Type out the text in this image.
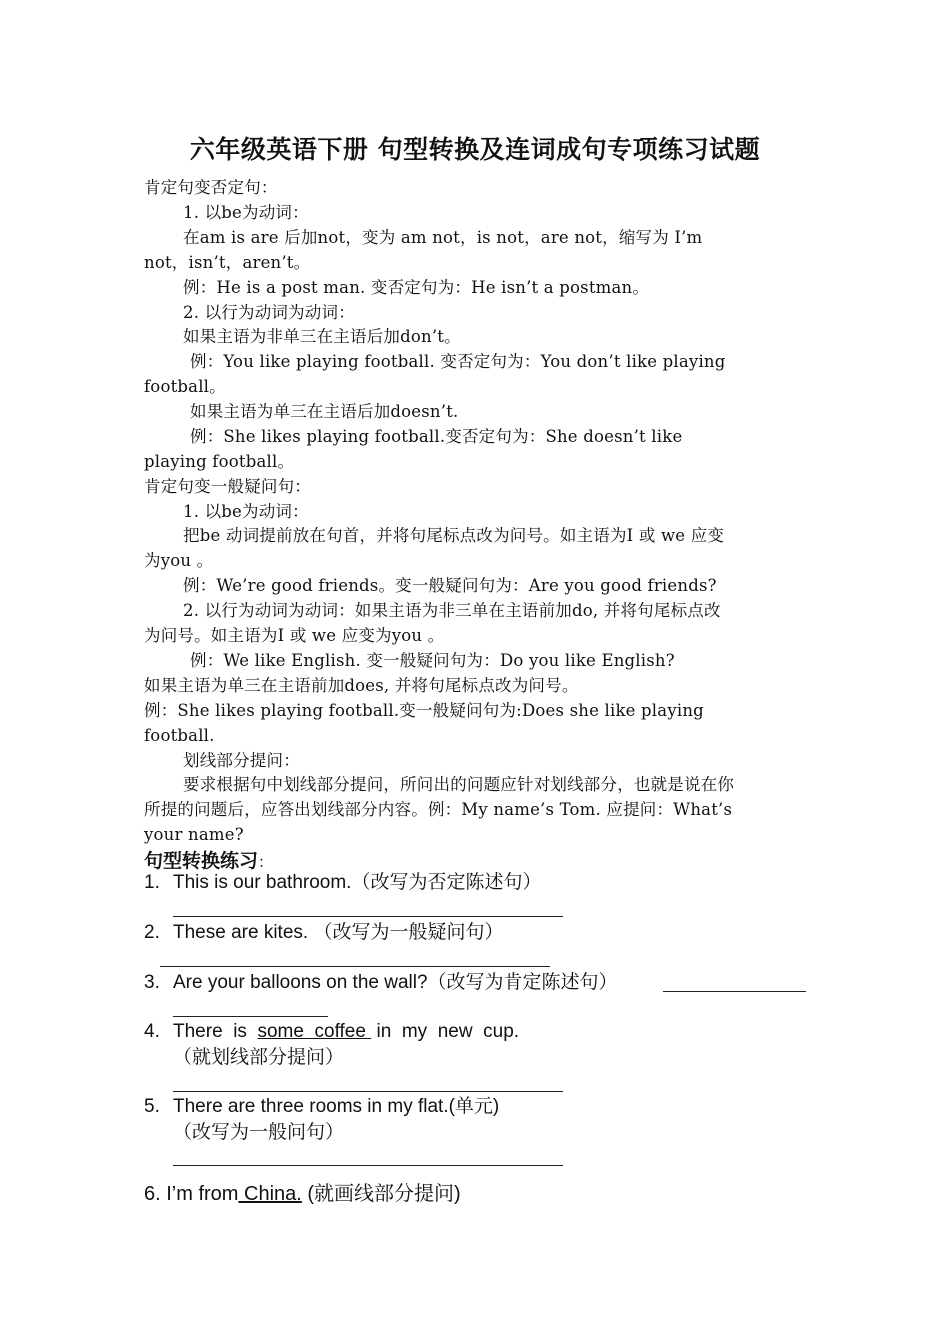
六年级英语下册 句型转换及连词成句专项练习试题
肯定句变否定句：
1. 以be为动词：
在am is are 后加not，变为 am not，is not，are not，缩写为 I’m
not，isn’t，aren’t。
例：He is a post man. 变否定句为：He isn’t a postman。
2. 以行为动词为动词：
如果主语为非单三在主语后加don’t。
例：You like playing football. 变否定句为：You don’t like playing
football。
如果主语为单三在主语后加doesn’t.
例：She likes playing football.变否定句为：She doesn’t like
playing football。
肯定句变一般疑问句：
1. 以be为动词：
把be 动词提前放在句首，并将句尾标点改为问号。如主语为I 或 we 应变
为you 。
例：We’re good friends。变一般疑问句为：Are you good friends?
2. 以行为动词为动词：如果主语为非三单在主语前加do, 并将句尾标点改
为问号。如主语为I 或 we 应变为you 。
例：We like English. 变一般疑问句为：Do you like English?
如果主语为单三在主语前加does, 并将句尾标点改为问号。
例：She likes playing football.变一般疑问句为:Does she like playing
football.
划线部分提问：
要求根据句中划线部分提问，所问出的问题应针对划线部分，也就是说在你
所提的问题后，应答出划线部分内容。例：My name’s Tom. 应提问：What’s
your name?
句型转换练习：
1. This is our bathroom.（改写为否定陈述句）
2. These are kites. （改写为一般疑问句）
3. Are your balloons on the wall?（改写为肯定陈述句）
4. There  is  some  coffee  in  my  new  cup.
（就划线部分提问）
5. There are three rooms in my flat.(单元)
（改写为一般问句）
6. I’m from China. (就画线部分提问)
